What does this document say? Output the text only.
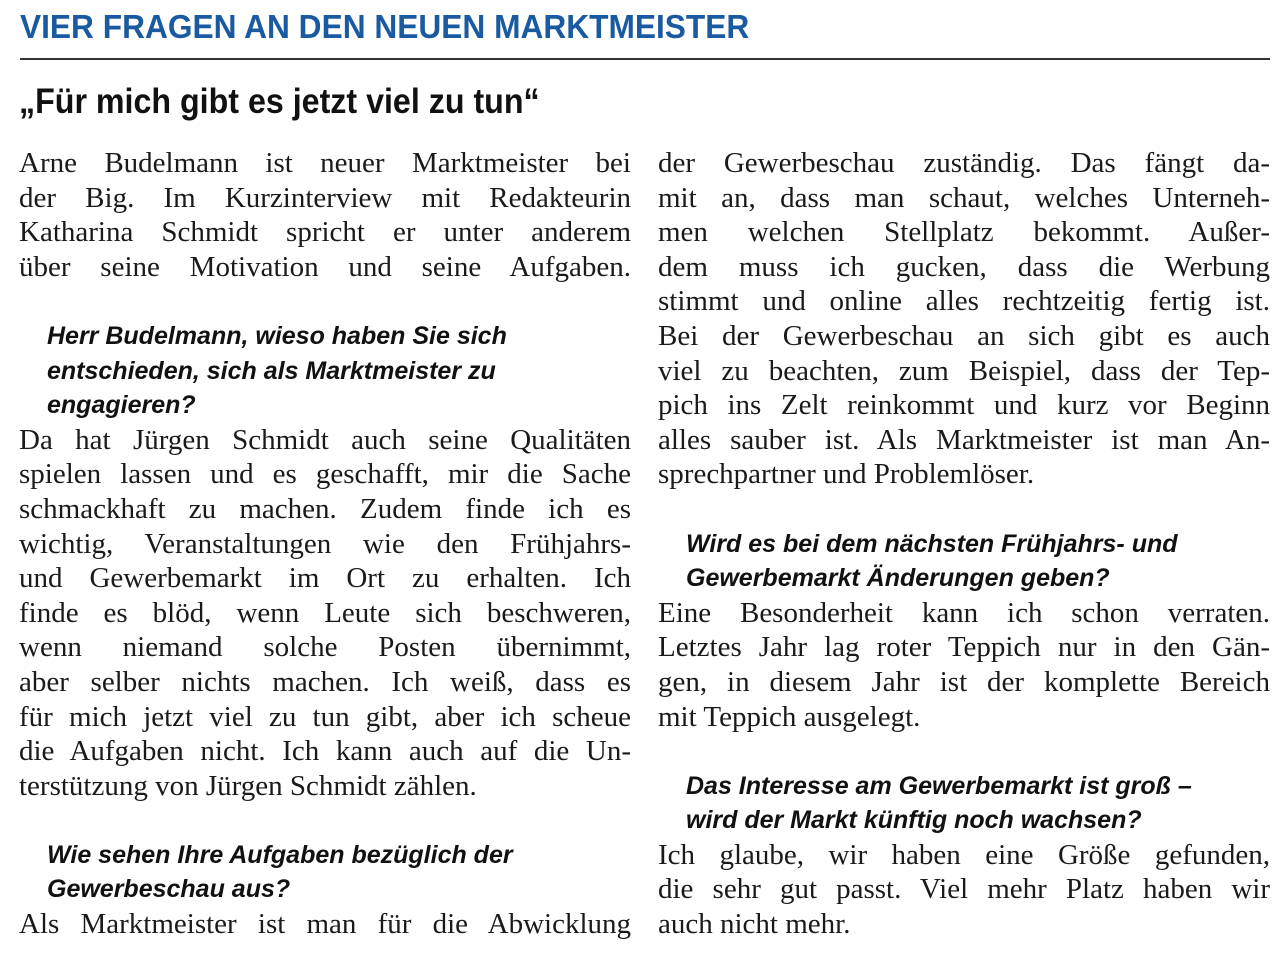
VIER FRAGEN AN DEN NEUEN MARKTMEISTER
„Für mich gibt es jetzt viel zu tun“
Arne Budelmann ist neuer Marktmeister bei
der Big. Im Kurzinterview mit Redakteurin
Katharina Schmidt spricht er unter anderem
über seine Motivation und seine Aufgaben.
Herr Budelmann, wieso haben Sie sich
entschieden, sich als Marktmeister zu
engagieren?
Da hat Jürgen Schmidt auch seine Qualitäten
spielen lassen und es geschafft, mir die Sache
schmackhaft zu machen. Zudem finde ich es
wichtig, Veranstaltungen wie den Frühjahrs-
und Gewerbemarkt im Ort zu erhalten. Ich
finde es blöd, wenn Leute sich beschweren,
wenn niemand solche Posten übernimmt,
aber selber nichts machen. Ich weiß, dass es
für mich jetzt viel zu tun gibt, aber ich scheue
die Aufgaben nicht. Ich kann auch auf die Un-
terstützung von Jürgen Schmidt zählen.
Wie sehen Ihre Aufgaben bezüglich der
Gewerbeschau aus?
Als Marktmeister ist man für die Abwicklung
der Gewerbeschau zuständig. Das fängt da-
mit an, dass man schaut, welches Unterneh-
men welchen Stellplatz bekommt. Außer-
dem muss ich gucken, dass die Werbung
stimmt und online alles rechtzeitig fertig ist.
Bei der Gewerbeschau an sich gibt es auch
viel zu beachten, zum Beispiel, dass der Tep-
pich ins Zelt reinkommt und kurz vor Beginn
alles sauber ist. Als Marktmeister ist man An-
sprechpartner und Problemlöser.
Wird es bei dem nächsten Frühjahrs- und
Gewerbemarkt Änderungen geben?
Eine Besonderheit kann ich schon verraten.
Letztes Jahr lag roter Teppich nur in den Gän-
gen, in diesem Jahr ist der komplette Bereich
mit Teppich ausgelegt.
Das Interesse am Gewerbemarkt ist groß –
wird der Markt künftig noch wachsen?
Ich glaube, wir haben eine Größe gefunden,
die sehr gut passt. Viel mehr Platz haben wir
auch nicht mehr.
